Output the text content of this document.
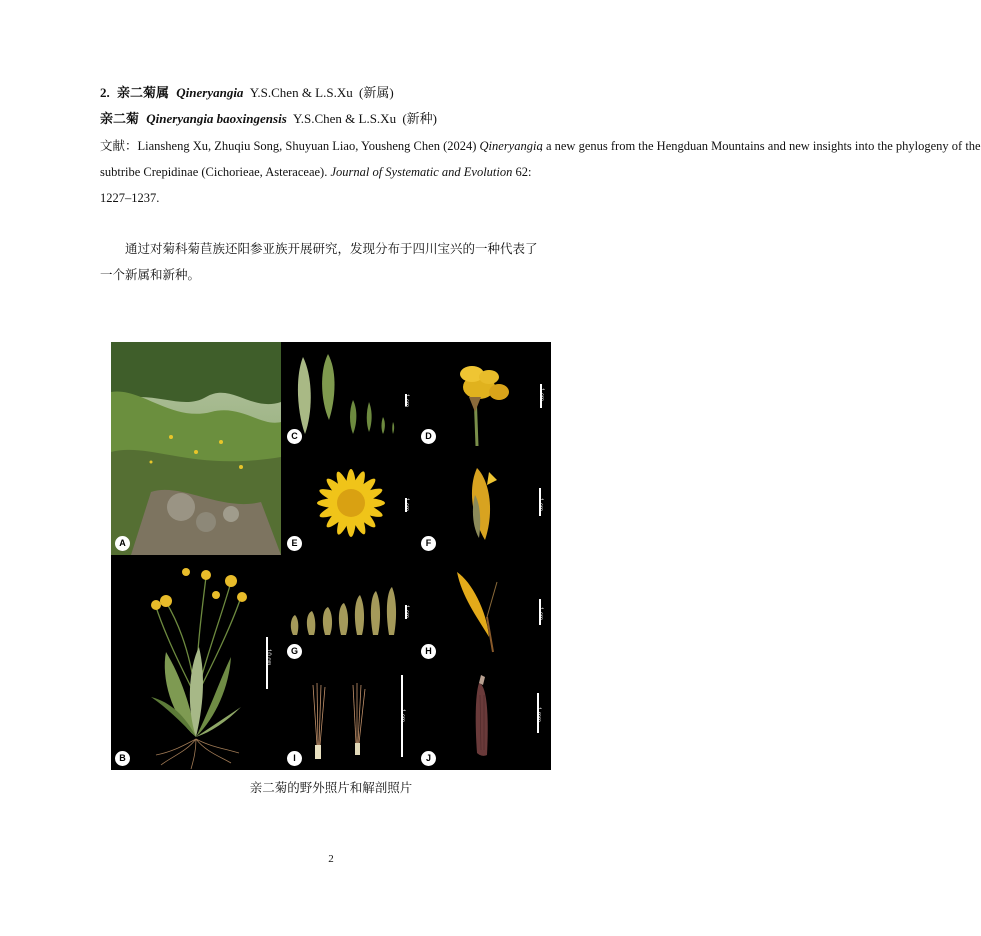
2. 亲二菊属 Qineryangia Y.S.Chen & L.S.Xu (新属)
亲二菊 Qineryangia baoxingensis Y.S.Chen & L.S.Xu (新种)
文献：Liansheng Xu, Zhuqiu Song, Shuyuan Liao, Yousheng Chen (2024) Qineryangia, a new genus from the Hengduan Mountains and new insights into the phylogeny of the
subtribe Crepidinae (Cichorieae, Asteraceae). Journal of Systematic and Evolution 62:
1227–1237.
通过对菊科菊苣族还阳参亚族开展研究，发现分布于四川宝兴的一种代表了
一个新属和新种。
A
1 cm
C
1 cm
D
1 cm
E
1 cm
F
10 cm
B
1 cm
G
1 cm
H
1 cm
I
1 mm
J
亲二菊的野外照片和解剖照片
2
